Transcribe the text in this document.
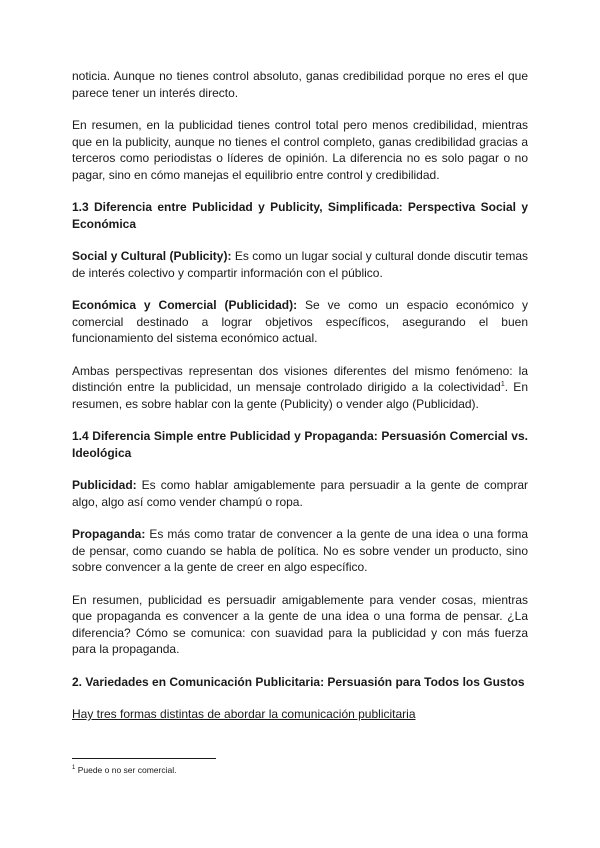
noticia. Aunque no tienes control absoluto, ganas credibilidad porque no eres el que parece tener un interés directo.

En resumen, en la publicidad tienes control total pero menos credibilidad, mientras que en la publicity, aunque no tienes el control completo, ganas credibilidad gracias a terceros como periodistas o líderes de opinión. La diferencia no es solo pagar o no pagar, sino en cómo manejas el equilibrio entre control y credibilidad.

1.3 Diferencia entre Publicidad y Publicity, Simplificada: Perspectiva Social y Económica

Social y Cultural (Publicity): Es como un lugar social y cultural donde discutir temas de interés colectivo y compartir información con el público.

Económica y Comercial (Publicidad): Se ve como un espacio económico y comercial destinado a lograr objetivos específicos, asegurando el buen funcionamiento del sistema económico actual.

Ambas perspectivas representan dos visiones diferentes del mismo fenómeno: la distinción entre la publicidad, un mensaje controlado dirigido a la colectividad$^1$. En resumen, es sobre hablar con la gente (Publicity) o vender algo (Publicidad).

1.4 Diferencia Simple entre Publicidad y Propaganda: Persuasión Comercial vs. Ideológica

Publicidad: Es como hablar amigablemente para persuadir a la gente de comprar algo, algo así como vender champú o ropa.

Propaganda: Es más como tratar de convencer a la gente de una idea o una forma de pensar, como cuando se habla de política. No es sobre vender un producto, sino sobre convencer a la gente de creer en algo específico.

En resumen, publicidad es persuadir amigablemente para vender cosas, mientras que propaganda es convencer a la gente de una idea o una forma de pensar. ¿La diferencia? Cómo se comunica: con suavidad para la publicidad y con más fuerza para la propaganda.

2. Variedades en Comunicación Publicitaria: Persuasión para Todos los Gustos

Hay tres formas distintas de abordar la comunicación publicitaria

$^1$ Puede o no ser comercial.
